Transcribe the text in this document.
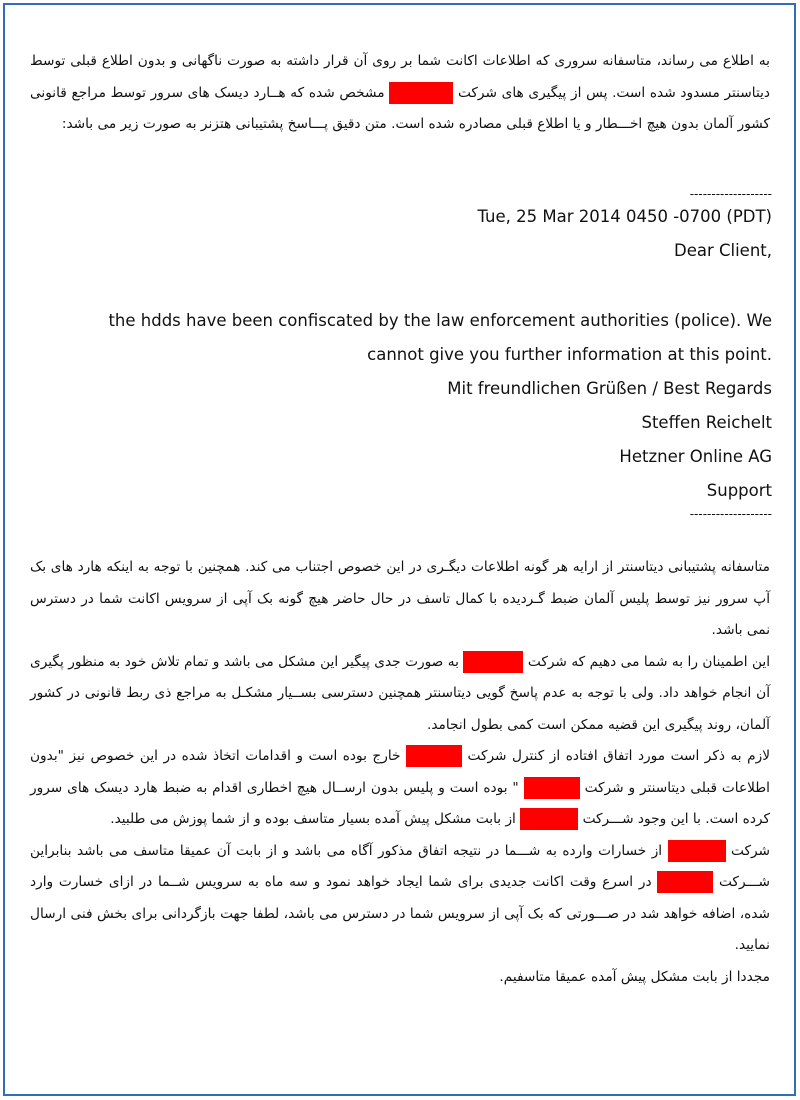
به اطلاع می رساند، متاسفانه سروری که اطلاعات اکانت شما بر روی آن قرار داشته به صورت ناگهانی و بدون اطلاع قبلی توسط دیتاسنتر مسدود شده است. پس از پیگیری های شرکت  مشخص شده که هــارد دیسک های سرور توسط مراجع قانونی کشور آلمان بدون هیچ اخـــطار و یا اطلاع قبلی مصادره شده است. متن دقیق پـــاسخ پشتیبانی هتزنر به صورت زیر می باشد:

-------------------
Tue, 25 Mar 2014 0450 -0700 (PDT)
Dear Client,
the hdds have been confiscated by the law enforcement authorities (police). We
cannot give you further information at this point.
Mit freundlichen Grüßen / Best Regards
Steffen Reichelt
Hetzner Online AG
Support
-------------------

متاسفانه پشتیبانی دیتاسنتر از ارایه هر گونه اطلاعات دیگـری در این خصوص اجتناب می کند. همچنین با توجه به اینکه هارد های بک آپ سرور نیز توسط پلیس آلمان ضبط گـردیده با کمال تاسف در حال حاضر هیچ گونه بک آپی از سرویس اکانت شما در دسترس نمی باشد.

این اطمینان را به شما می دهیم که شرکت  به صورت جدی پیگیر این مشکل می باشد و تمام تلاش خود به منظور پگیری آن انجام خواهد داد. ولی با توجه به عدم پاسخ گویی دیتاسنتر همچنین دسترسی بســیار مشکـل به مراجع ذی ربط قانونی در کشور آلمان، روند پیگیری این قضیه ممکن است کمی بطول انجامد.

لازم به ذکر است مورد اتفاق افتاده از کنترل شرکت  خارج بوده است و اقدامات اتخاذ شده در این خصوص نیز "بدون اطلاعات قبلی دیتاسنتر و شرکت  " بوده است و پلیس بدون ارســال هیچ اخطاری اقدام به ضبط هارد دیسک های سرور کرده است. با این وجود شـــرکت  از بابت مشکل پیش آمده بسیار متاسف بوده و از شما پوزش می طلبید.

شرکت  از خسارات وارده به شـــما در نتیجه اتفاق مذکور آگاه می باشد و از بابت آن عمیقا متاسف می باشد بنابراین شـــرکت  در اسرع وقت اکانت جدیدی برای شما ایجاد خواهد نمود و سه ماه به سرویس شــما در ازای خسارت وارد شده، اضافه خواهد شد در صـــورتی که بک آپی از سرویس شما در دسترس می باشد، لطفا جهت بازگردانی برای بخش فنی ارسال نمایید.

مجددا از بابت مشکل پیش آمده عمیقا متاسفیم.
